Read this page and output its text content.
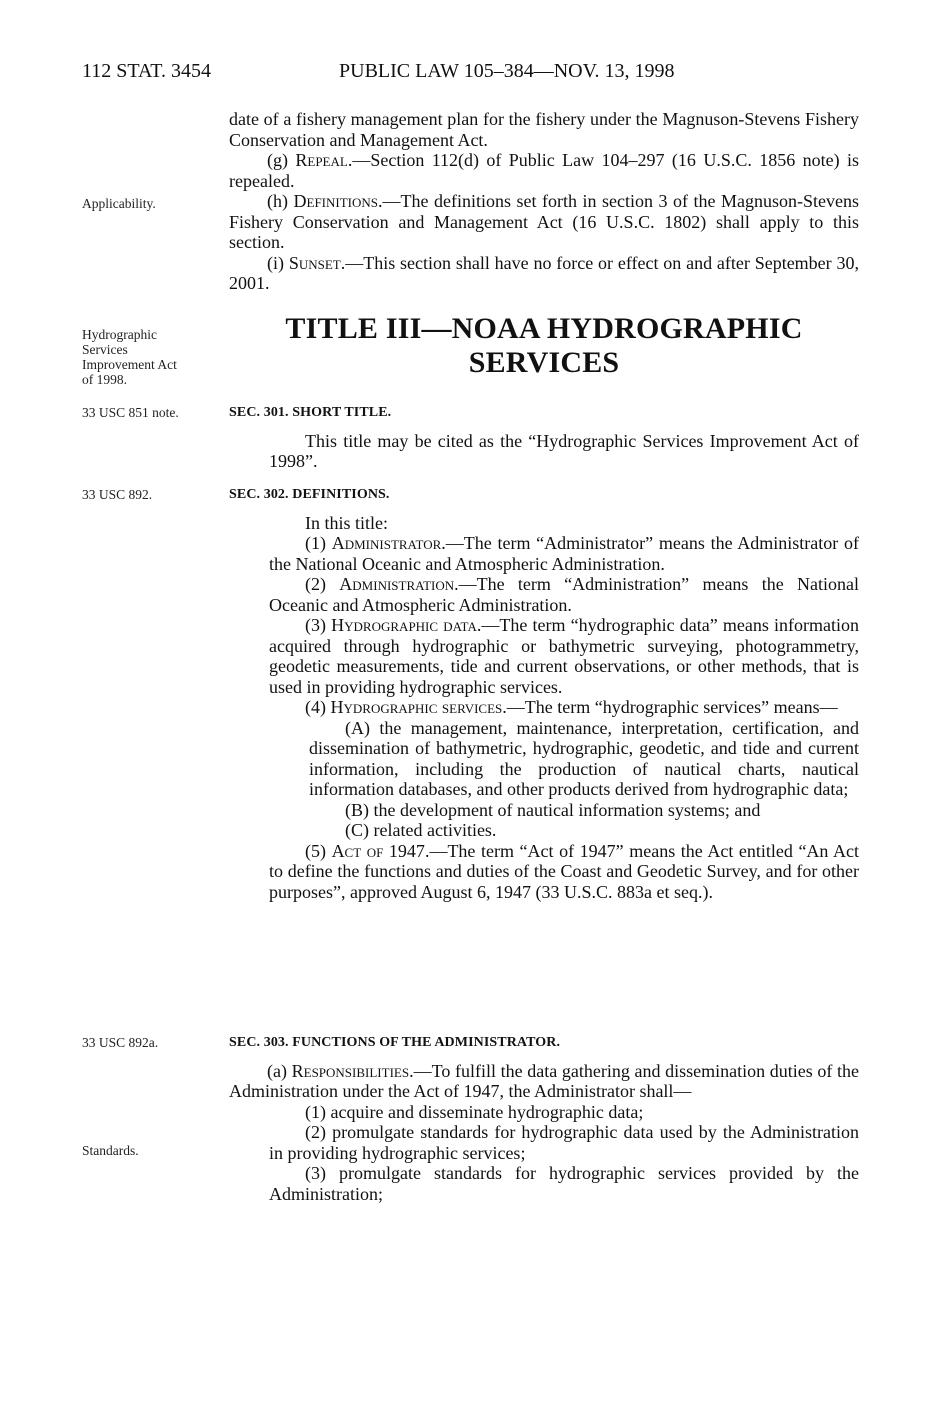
112 STAT. 3454	PUBLIC LAW 105–384—NOV. 13, 1998

date of a fishery management plan for the fishery under the Magnuson-Stevens Fishery Conservation and Management Act.

(g) Repeal.—Section 112(d) of Public Law 104–297 (16 U.S.C. 1856 note) is repealed.

(h) Definitions.—The definitions set forth in section 3 of the Magnuson-Stevens Fishery Conservation and Management Act (16 U.S.C. 1802) shall apply to this section.

(i) Sunset.—This section shall have no force or effect on and after September 30, 2001.

Applicability.
Hydrographic
Services
Improvement Act
of 1998.
33 USC 851 note.
33 USC 892.
33 USC 892a.
Standards.
TITLE III—NOAA HYDROGRAPHIC
SERVICES
SEC. 301. SHORT TITLE.

This title may be cited as the “Hydrographic Services Improvement Act of 1998”.

SEC. 302. DEFINITIONS.

In this title:

(1) Administrator.—The term “Administrator” means the Administrator of the National Oceanic and Atmospheric Administration.

(2) Administration.—The term “Administration” means the National Oceanic and Atmospheric Administration.

(3) Hydrographic data.—The term “hydrographic data” means information acquired through hydrographic or bathymetric surveying, photogrammetry, geodetic measurements, tide and current observations, or other methods, that is used in providing hydrographic services.

(4) Hydrographic services.—The term “hydrographic services” means—

(A) the management, maintenance, interpretation, certification, and dissemination of bathymetric, hydrographic, geodetic, and tide and current information, including the production of nautical charts, nautical information databases, and other products derived from hydrographic data;

(B) the development of nautical information systems; and

(C) related activities.

(5) Act of 1947.—The term “Act of 1947” means the Act entitled “An Act to define the functions and duties of the Coast and Geodetic Survey, and for other purposes”, approved August 6, 1947 (33 U.S.C. 883a et seq.).

SEC. 303. FUNCTIONS OF THE ADMINISTRATOR.

(a) Responsibilities.—To fulfill the data gathering and dissemination duties of the Administration under the Act of 1947, the Administrator shall—

(1) acquire and disseminate hydrographic data;

(2) promulgate standards for hydrographic data used by the Administration in providing hydrographic services;

(3) promulgate standards for hydrographic services provided by the Administration;
